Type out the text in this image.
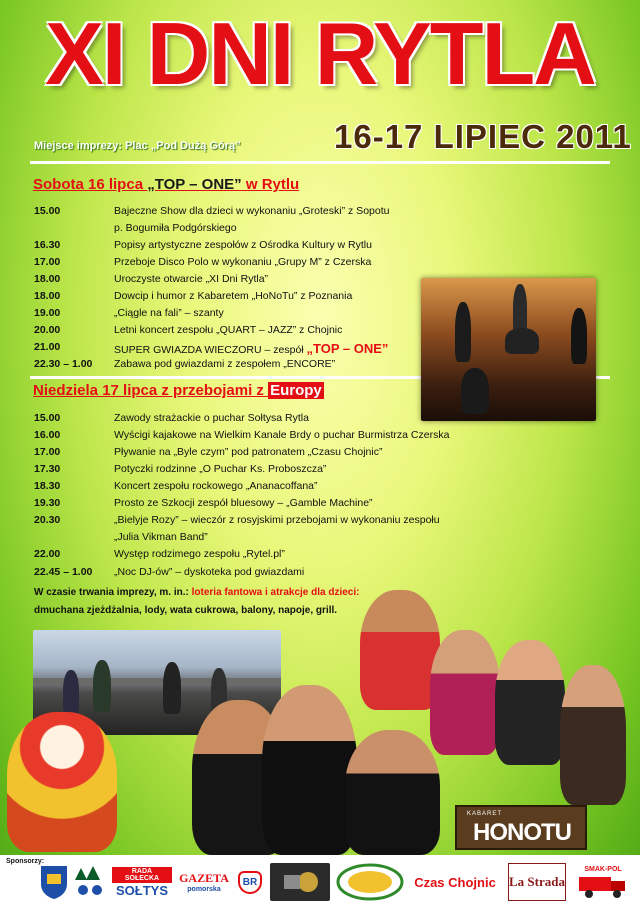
XI DNI RYTLA
Miejsce imprezy: Plac „Pod Dużą Górą”	16-17 LIPIEC 2011
Sobota 16 lipca „TOP – ONE” w Rytlu
15.00	Bajeczne Show dla dzieci w wykonaniu „Groteski” z Sopotu
p. Bogumiła Podgórskiego
16.30	Popisy artystyczne zespołów z Ośrodka Kultury w Rytlu
17.00	Przeboje Disco Polo w wykonaniu „Grupy M” z Czerska
18.00	Uroczyste otwarcie „XI Dni Rytla”
18.00	Dowcip i humor z Kabaretem „HoNoTu” z Poznania
19.00	„Ciągle na fali” – szanty
20.00	Letni koncert zespołu „QUART – JAZZ” z Chojnic
21.00	SUPER GWIAZDA WIECZORU – zespół „TOP – ONE”
22.30 – 1.00 Zabawa pod gwiazdami z zespołem „ENCORE”
Niedziela 17 lipca z przebojami z Europy
15.00	Zawody strażackie o puchar Sołtysa Rytla
16.00	Wyścigi kajakowe na Wielkim Kanale Brdy o puchar Burmistrza Czerska
17.00	Pływanie na „Byle czym” pod patronatem „Czasu Chojnic”
17.30	Potyczki rodzinne „O Puchar Ks. Proboszcza”
18.30	Koncert zespołu rockowego „Ananacoffana”
19.30	Prosto ze Szkocji zespół bluesowy – „Gamble Machine”
20.30	„Bielyje Rozy” – wieczór z rosyjskimi przebojami w wykonaniu zespołu
„Julia Vikman Band”
22.00	Występ rodzimego zespołu „Rytel.pl”
22.45 – 1.00 „Noc DJ-ów” – dyskoteka pod gwiazdami
W czasie trwania imprezy, m. in.: loteria fantowa i atrakcje dla dzieci:
dmuchana zjeżdżalnia, lody, wata cukrowa, balony, napoje, grill.
KABARET
HONOTU
Sponsorzy:
RADA SOŁECKA
SOŁTYS
GAZETA
pomorska
BR	Czas Chojnic	La Strada
SMAK-POL
